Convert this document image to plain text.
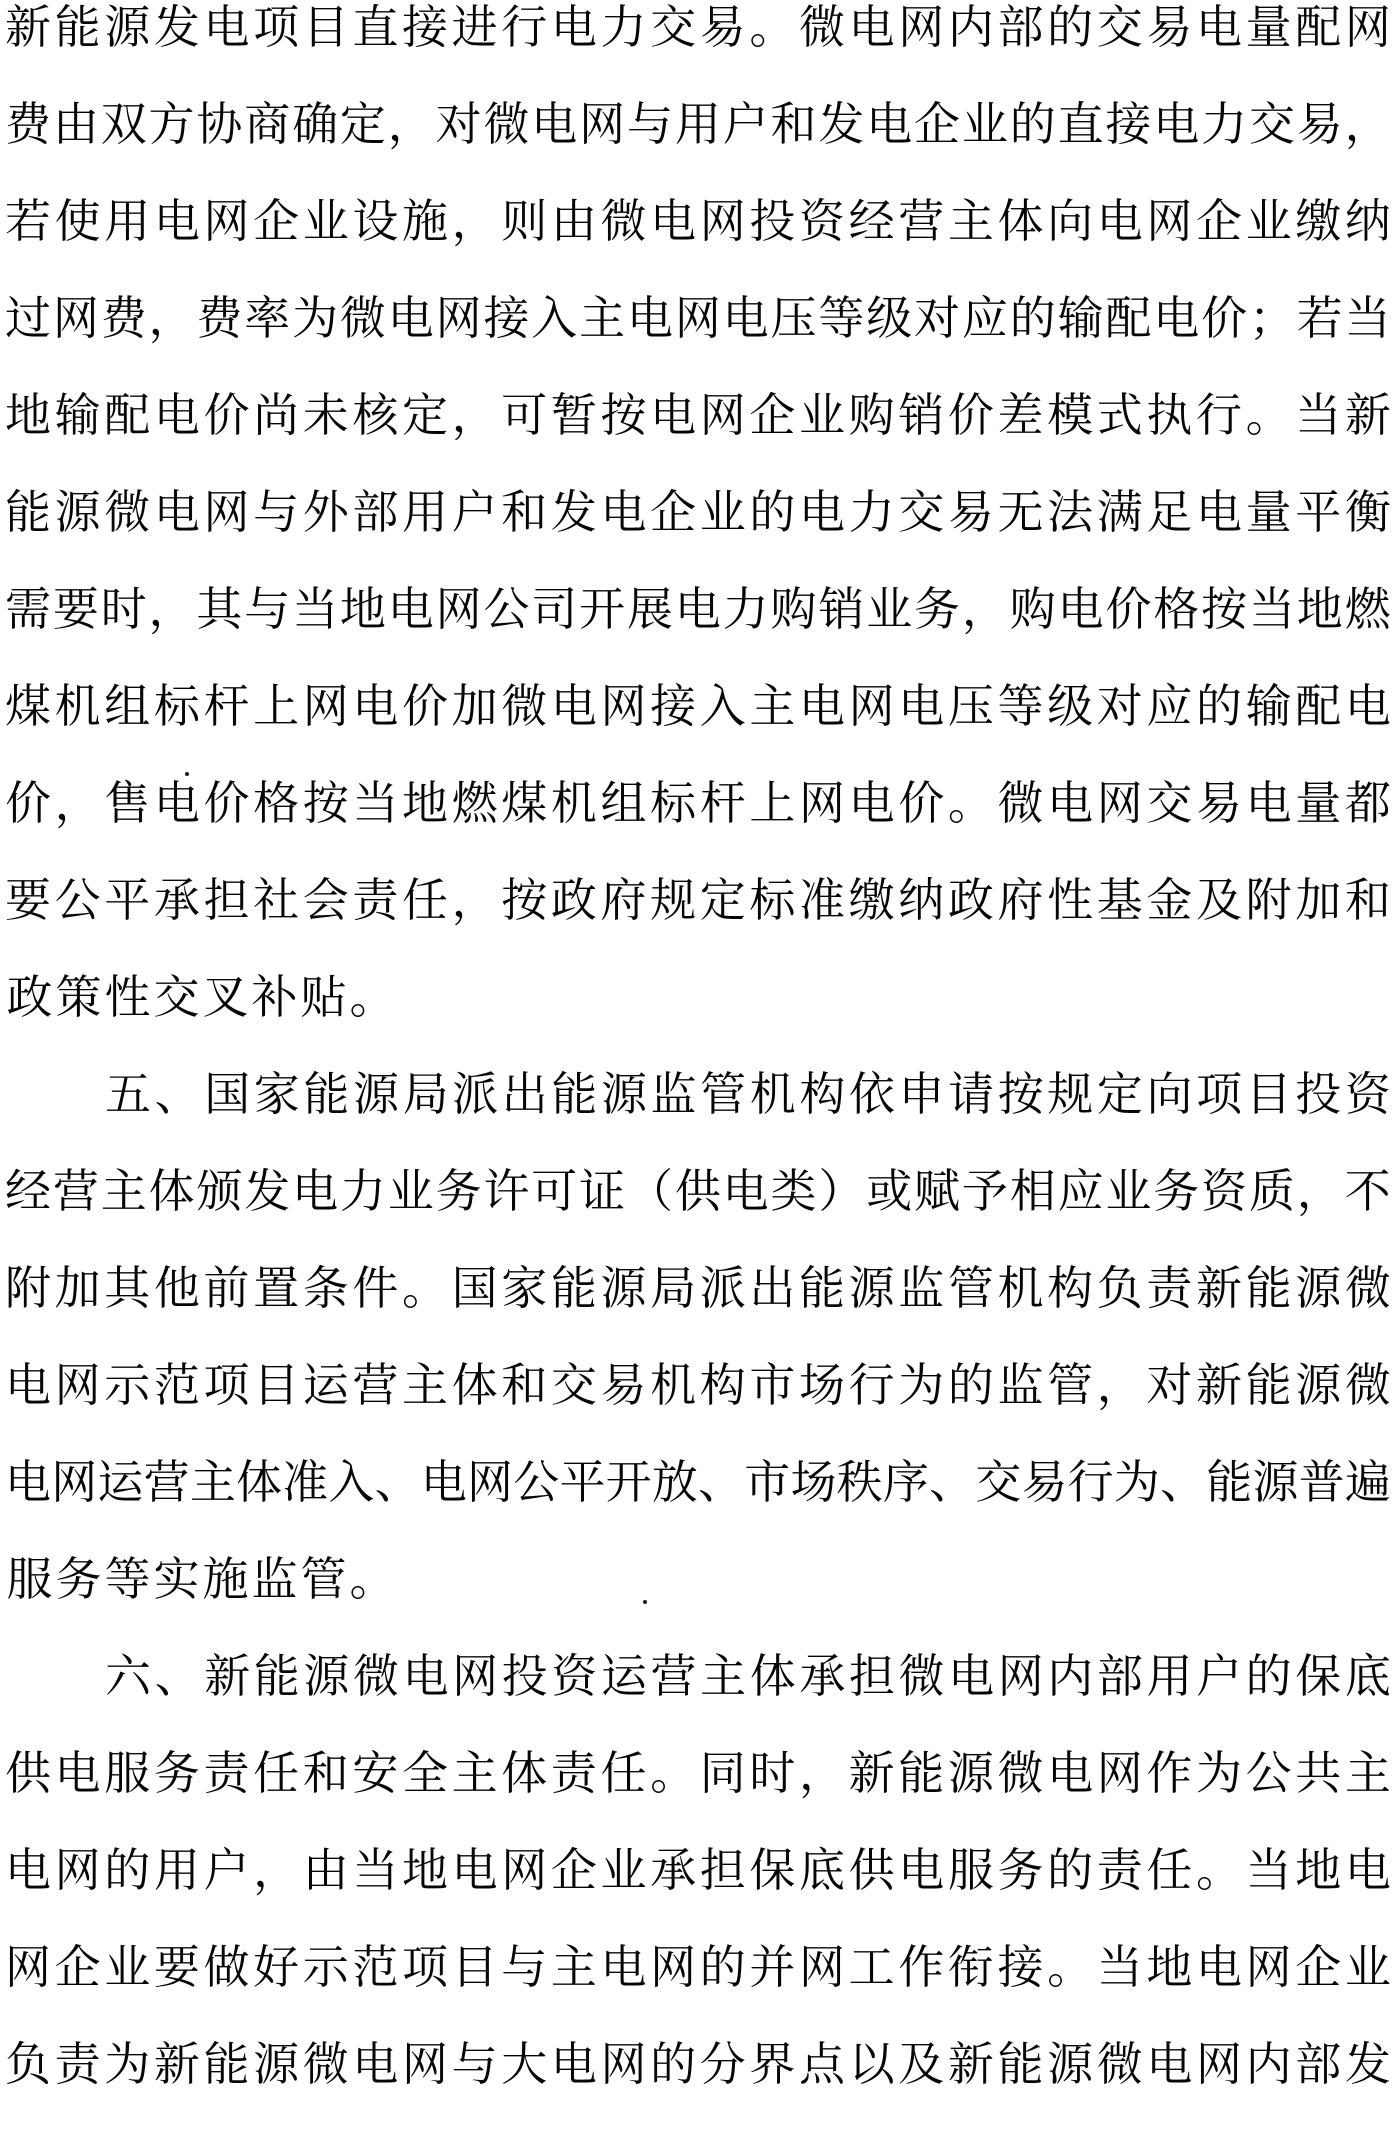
新 能 源 发 电 项 目 直 接 进 行 电 力 交 易 。 微 电 网 内 部 的 交 易 电 量 配 网
费 由 双 方 协 商 确 定 ， 对 微 电 网 与 用 户 和 发 电 企 业 的 直 接 电 力 交 易 ，
若 使 用 电 网 企 业 设 施 ， 则 由 微 电 网 投 资 经 营 主 体 向 电 网 企 业 缴 纳
过 网 费 ， 费 率 为 微 电 网 接 入 主 电 网 电 压 等 级 对 应 的 输 配 电 价 ； 若 当
地 输 配 电 价 尚 未 核 定 ， 可 暂 按 电 网 企 业 购 销 价 差 模 式 执 行 。 当 新
能 源 微 电 网 与 外 部 用 户 和 发 电 企 业 的 电 力 交 易 无 法 满 足 电 量 平 衡
需 要 时 ， 其 与 当 地 电 网 公 司 开 展 电 力 购 销 业 务 ， 购 电 价 格 按 当 地 燃
煤 机 组 标 杆 上 网 电 价 加 微 电 网 接 入 主 电 网 电 压 等 级 对 应 的 输 配 电
价 ， 售 电 价 格 按 当 地 燃 煤 机 组 标 杆 上 网 电 价 。 微 电 网 交 易 电 量 都
要 公 平 承 担 社 会 责 任 ， 按 政 府 规 定 标 准 缴 纳 政 府 性 基 金 及 附 加 和
政 策 性 交 叉 补 贴 。
五 、 国 家 能 源 局 派 出 能 源 监 管 机 构 依 申 请 按 规 定 向 项 目 投 资
经 营 主 体 颁 发 电 力 业 务 许 可 证 （ 供 电 类 ） 或 赋 予 相 应 业 务 资 质 ， 不
附 加 其 他 前 置 条 件 。 国 家 能 源 局 派 出 能 源 监 管 机 构 负 责 新 能 源 微
电 网 示 范 项 目 运 营 主 体 和 交 易 机 构 市 场 行 为 的 监 管 ， 对 新 能 源 微
电 网 运 营 主 体 准 入 、 电 网 公 平 开 放 、 市 场 秩 序 、 交 易 行 为 、 能 源 普 遍
服 务 等 实 施 监 管 。
六 、 新 能 源 微 电 网 投 资 运 营 主 体 承 担 微 电 网 内 部 用 户 的 保 底
供 电 服 务 责 任 和 安 全 主 体 责 任 。 同 时 ， 新 能 源 微 电 网 作 为 公 共 主
电 网 的 用 户 ， 由 当 地 电 网 企 业 承 担 保 底 供 电 服 务 的 责 任 。 当 地 电
网 企 业 要 做 好 示 范 项 目 与 主 电 网 的 并 网 工 作 衔 接 。 当 地 电 网 企 业
负 责 为 新 能 源 微 电 网 与 大 电 网 的 分 界 点 以 及 新 能 源 微 电 网 内 部 发
